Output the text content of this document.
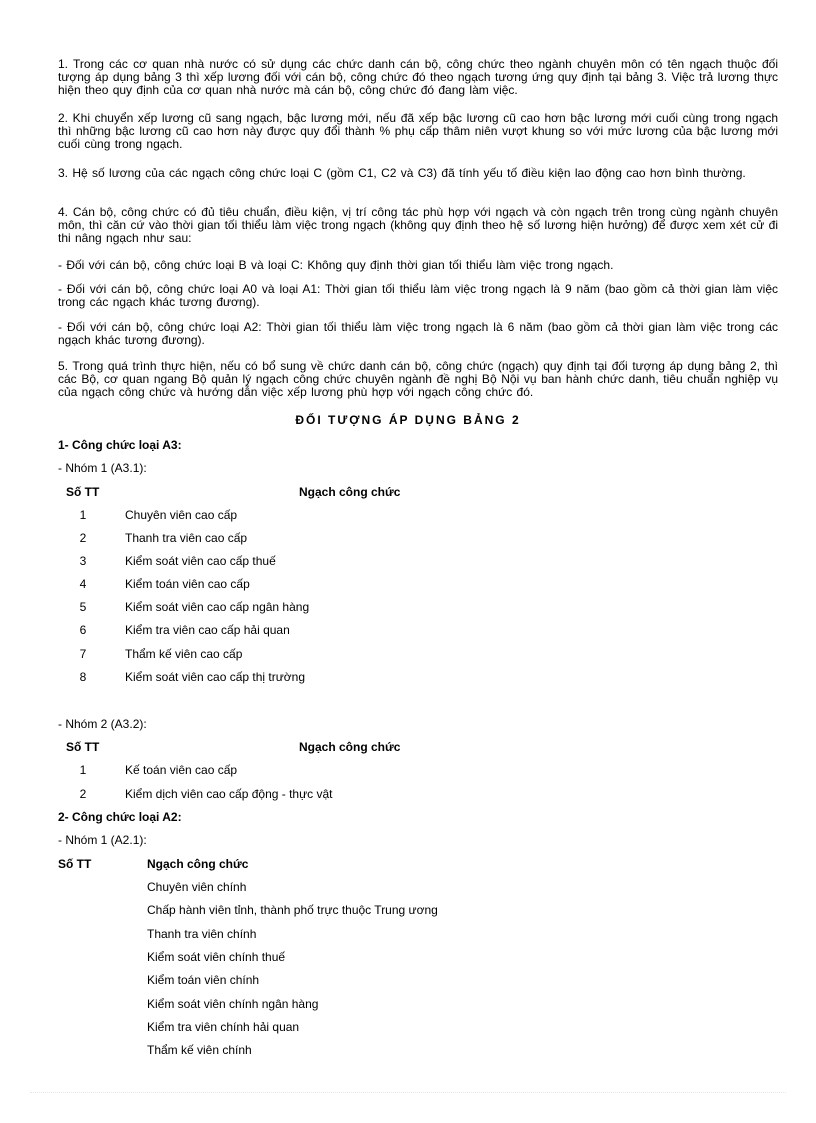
1. Trong các cơ quan nhà nước có sử dụng các chức danh cán bộ, công chức theo ngành chuyên môn có tên ngạch thuộc đối tượng áp dụng bảng 3 thì xếp lương đối với cán bộ, công chức đó theo ngạch tương ứng quy định tại bảng 3. Việc trả lương thực hiện theo quy định của cơ quan nhà nước mà cán bộ, công chức đó đang làm việc.
2. Khi chuyển xếp lương cũ sang ngạch, bậc lương mới, nếu đã xếp bậc lương cũ cao hơn bậc lương mới cuối cùng trong ngạch thì những bậc lương cũ cao hơn này được quy đổi thành % phụ cấp thâm niên vượt khung so với mức lương của bậc lương mới cuối cùng trong ngạch.
3. Hệ số lương của các ngạch công chức loại C (gồm C1, C2 và C3) đã tính yếu tố điều kiện lao động cao hơn bình thường.
4. Cán bộ, công chức có đủ tiêu chuẩn, điều kiện, vị trí công tác phù hợp với ngạch và còn ngạch trên trong cùng ngành chuyên môn, thì căn cứ vào thời gian tối thiểu làm việc trong ngạch (không quy định theo hệ số lương hiện hưởng) để được xem xét cử đi thi nâng ngạch như sau:
- Đối với cán bộ, công chức loại B và loại C: Không quy định thời gian tối thiểu làm việc trong ngạch.
- Đối với cán bộ, công chức loại A0 và loại A1: Thời gian tối thiểu làm việc trong ngạch là 9 năm (bao gồm cả thời gian làm việc trong các ngạch khác tương đương).
- Đối với cán bộ, công chức loại A2: Thời gian tối thiểu làm việc trong ngạch là 6 năm (bao gồm cả thời gian làm việc trong các ngạch khác tương đương).
5. Trong quá trình thực hiện, nếu có bổ sung về chức danh cán bộ, công chức (ngạch) quy định tại đối tượng áp dụng bảng 2, thì các Bộ, cơ quan ngang Bộ quản lý ngạch công chức chuyên ngành đề nghị Bộ Nội vụ ban hành chức danh, tiêu chuẩn nghiệp vụ của ngạch công chức và hướng dẫn việc xếp lương phù hợp với ngạch công chức đó.
ĐỐI TƯỢNG ÁP DỤNG BẢNG 2
1- Công chức loại A3:
- Nhóm 1 (A3.1):
Số TT	Ngạch công chức
1	Chuyên viên cao cấp
2	Thanh tra viên cao cấp
3	Kiểm soát viên cao cấp thuế
4	Kiểm toán viên cao cấp
5	Kiểm soát viên cao cấp ngân hàng
6	Kiểm tra viên cao cấp hải quan
7	Thẩm kế viên cao cấp
8	Kiểm soát viên cao cấp thị trường
- Nhóm 2 (A3.2):
Số TT	Ngạch công chức
1	Kế toán viên cao cấp
2	Kiểm dịch viên cao cấp động - thực vật
2- Công chức loại A2:
- Nhóm 1 (A2.1):
Số TT	Ngạch công chức
Chuyên viên chính
Chấp hành viên tỉnh, thành phố trực thuộc Trung ương
Thanh tra viên chính
Kiểm soát viên chính thuế
Kiểm toán viên chính
Kiểm soát viên chính ngân hàng
Kiểm tra viên chính hải quan
Thẩm kế viên chính
